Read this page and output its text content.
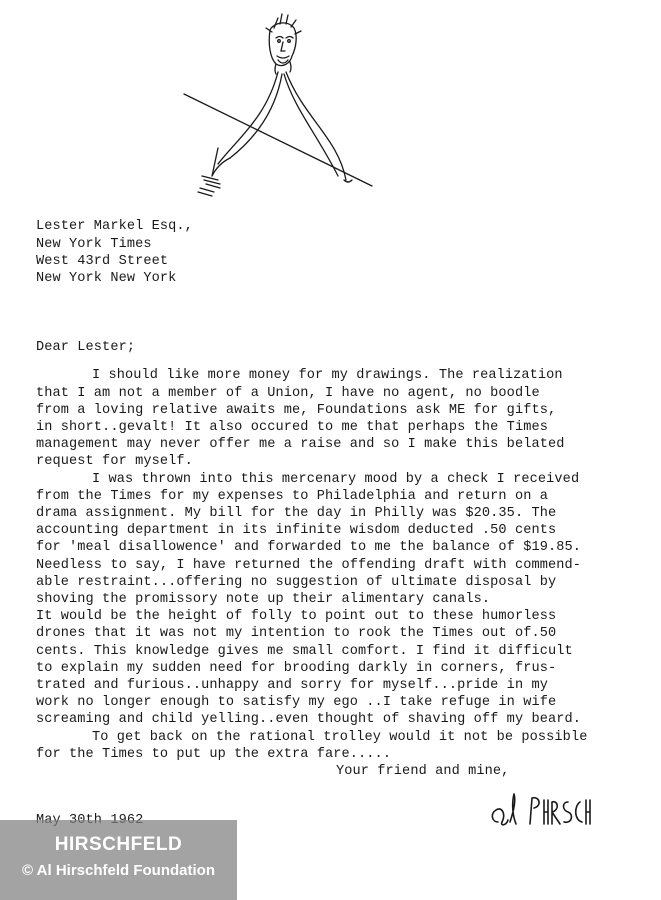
Lester Markel Esq.,
New York Times
West 43rd Street
New York New York
Dear Lester;
I should like more money for my drawings. The realization
that I am not a member of a Union, I have no agent, no boodle
from a loving relative awaits me, Foundations ask ME for gifts,
in short..gevalt! It also occured to me that perhaps the Times
management may never offer me a raise and so I make this belated
request for myself.
I was thrown into this mercenary mood by a check I received
from the Times for my expenses to Philadelphia and return on a
drama assignment. My bill for the day in Philly was $20.35. The
accounting department in its infinite wisdom deducted .50 cents
for 'meal disallowence' and forwarded to me the balance of $19.85.
Needless to say, I have returned the offending draft with commend-
able restraint...offering no suggestion of ultimate disposal by
shoving the promissory note up their alimentary canals.
It would be the height of folly to point out to these humorless
drones that it was not my intention to rook the Times out of.50
cents. This knowledge gives me small comfort. I find it difficult
to explain my sudden need for brooding darkly in corners, frus-
trated and furious..unhappy and sorry for myself...pride in my
work no longer enough to satisfy my ego ..I take refuge in wife
screaming and child yelling..even thought of shaving off my beard.
To get back on the rational trolley would it not be possible
for the Times to put up the extra fare.....
Your friend and mine,
HIRSCHFELD
© Al Hirschfeld Foundation
